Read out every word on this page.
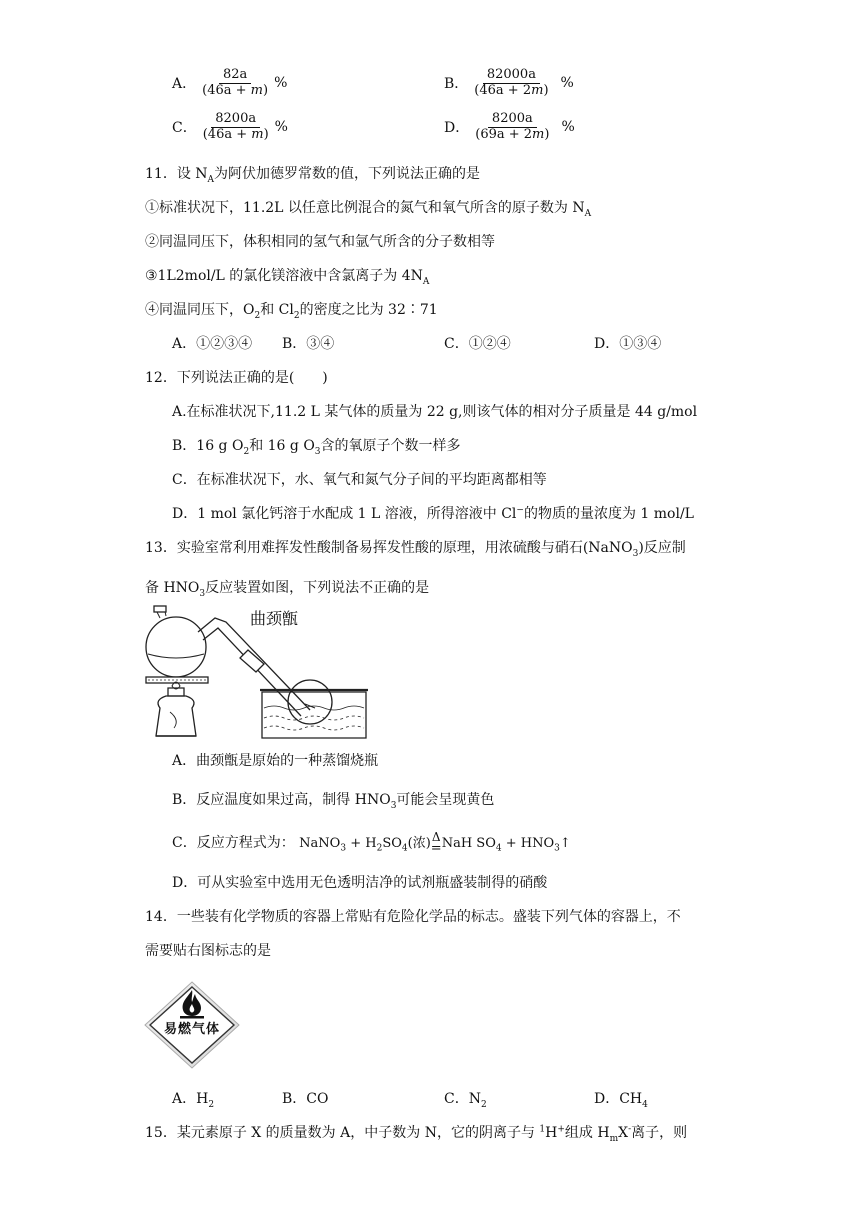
A． $\frac{82a}{(46a + m)}$ %	B． $\frac{82000a}{(46a + 2m)}$ %
C． $\frac{8200a}{(46a + m)}$ %	D． $\frac{8200a}{(69a + 2m)}$ %
11．设 $N_A$为阿伏加德罗常数的值，下列说法正确的是
①标准状况下，11.2L 以任意比例混合的氮气和氧气所含的原子数为 $N_A$
②同温同压下，体积相同的氢气和氩气所含的分子数相等
③1L2mol/L 的氯化镁溶液中含氯离子为 $4N_A$
④同温同压下，$O_2$和 $Cl_2$的密度之比为 32∶71
A．①②③④ B．③④	C．①②④	D．①③④
12．下列说法正确的是(　　)
A.在标准状况下,11.2 L 某气体的质量为 22 g,则该气体的相对分子质量是 44 g/mol
B．16 g $O_2$和 16 g $O_3$含的氧原子个数一样多
C．在标准状况下，水、氧气和氮气分子间的平均距离都相等
D．1 mol 氯化钙溶于水配成 1 L 溶液，所得溶液中 Cl−的物质的量浓度为 1 mol/L
13．实验室常利用难挥发性酸制备易挥发性酸的原理，用浓硫酸与硝石(NaNO$_3$)反应制
备 $HNO_3$反应装置如图，下列说法不正确的是
曲颈甑
A．曲颈甑是原始的一种蒸馏烧瓶
B．反应温度如果过高，制得 $HNO_3$可能会呈现黄色
C．反应方程式为： NaNO$_3$ + $H_2SO_4$(浓) Δ
= NaH $SO_4$ + $HNO_3↑$
D．可从实验室中选用无色透明洁净的试剂瓶盛装制得的硝酸
14．一些装有化学物质的容器上常贴有危险化学品的标志。盛装下列气体的容器上，不
需要贴右图标志的是
易燃气体
A．$H_2$	B．CO	C．$N_2$	D．$CH_4$
15．某元素原子 X 的质量数为 A，中子数为 N，它的阴离子与 $^1$H+组成 $H_mX^-$离子，则
